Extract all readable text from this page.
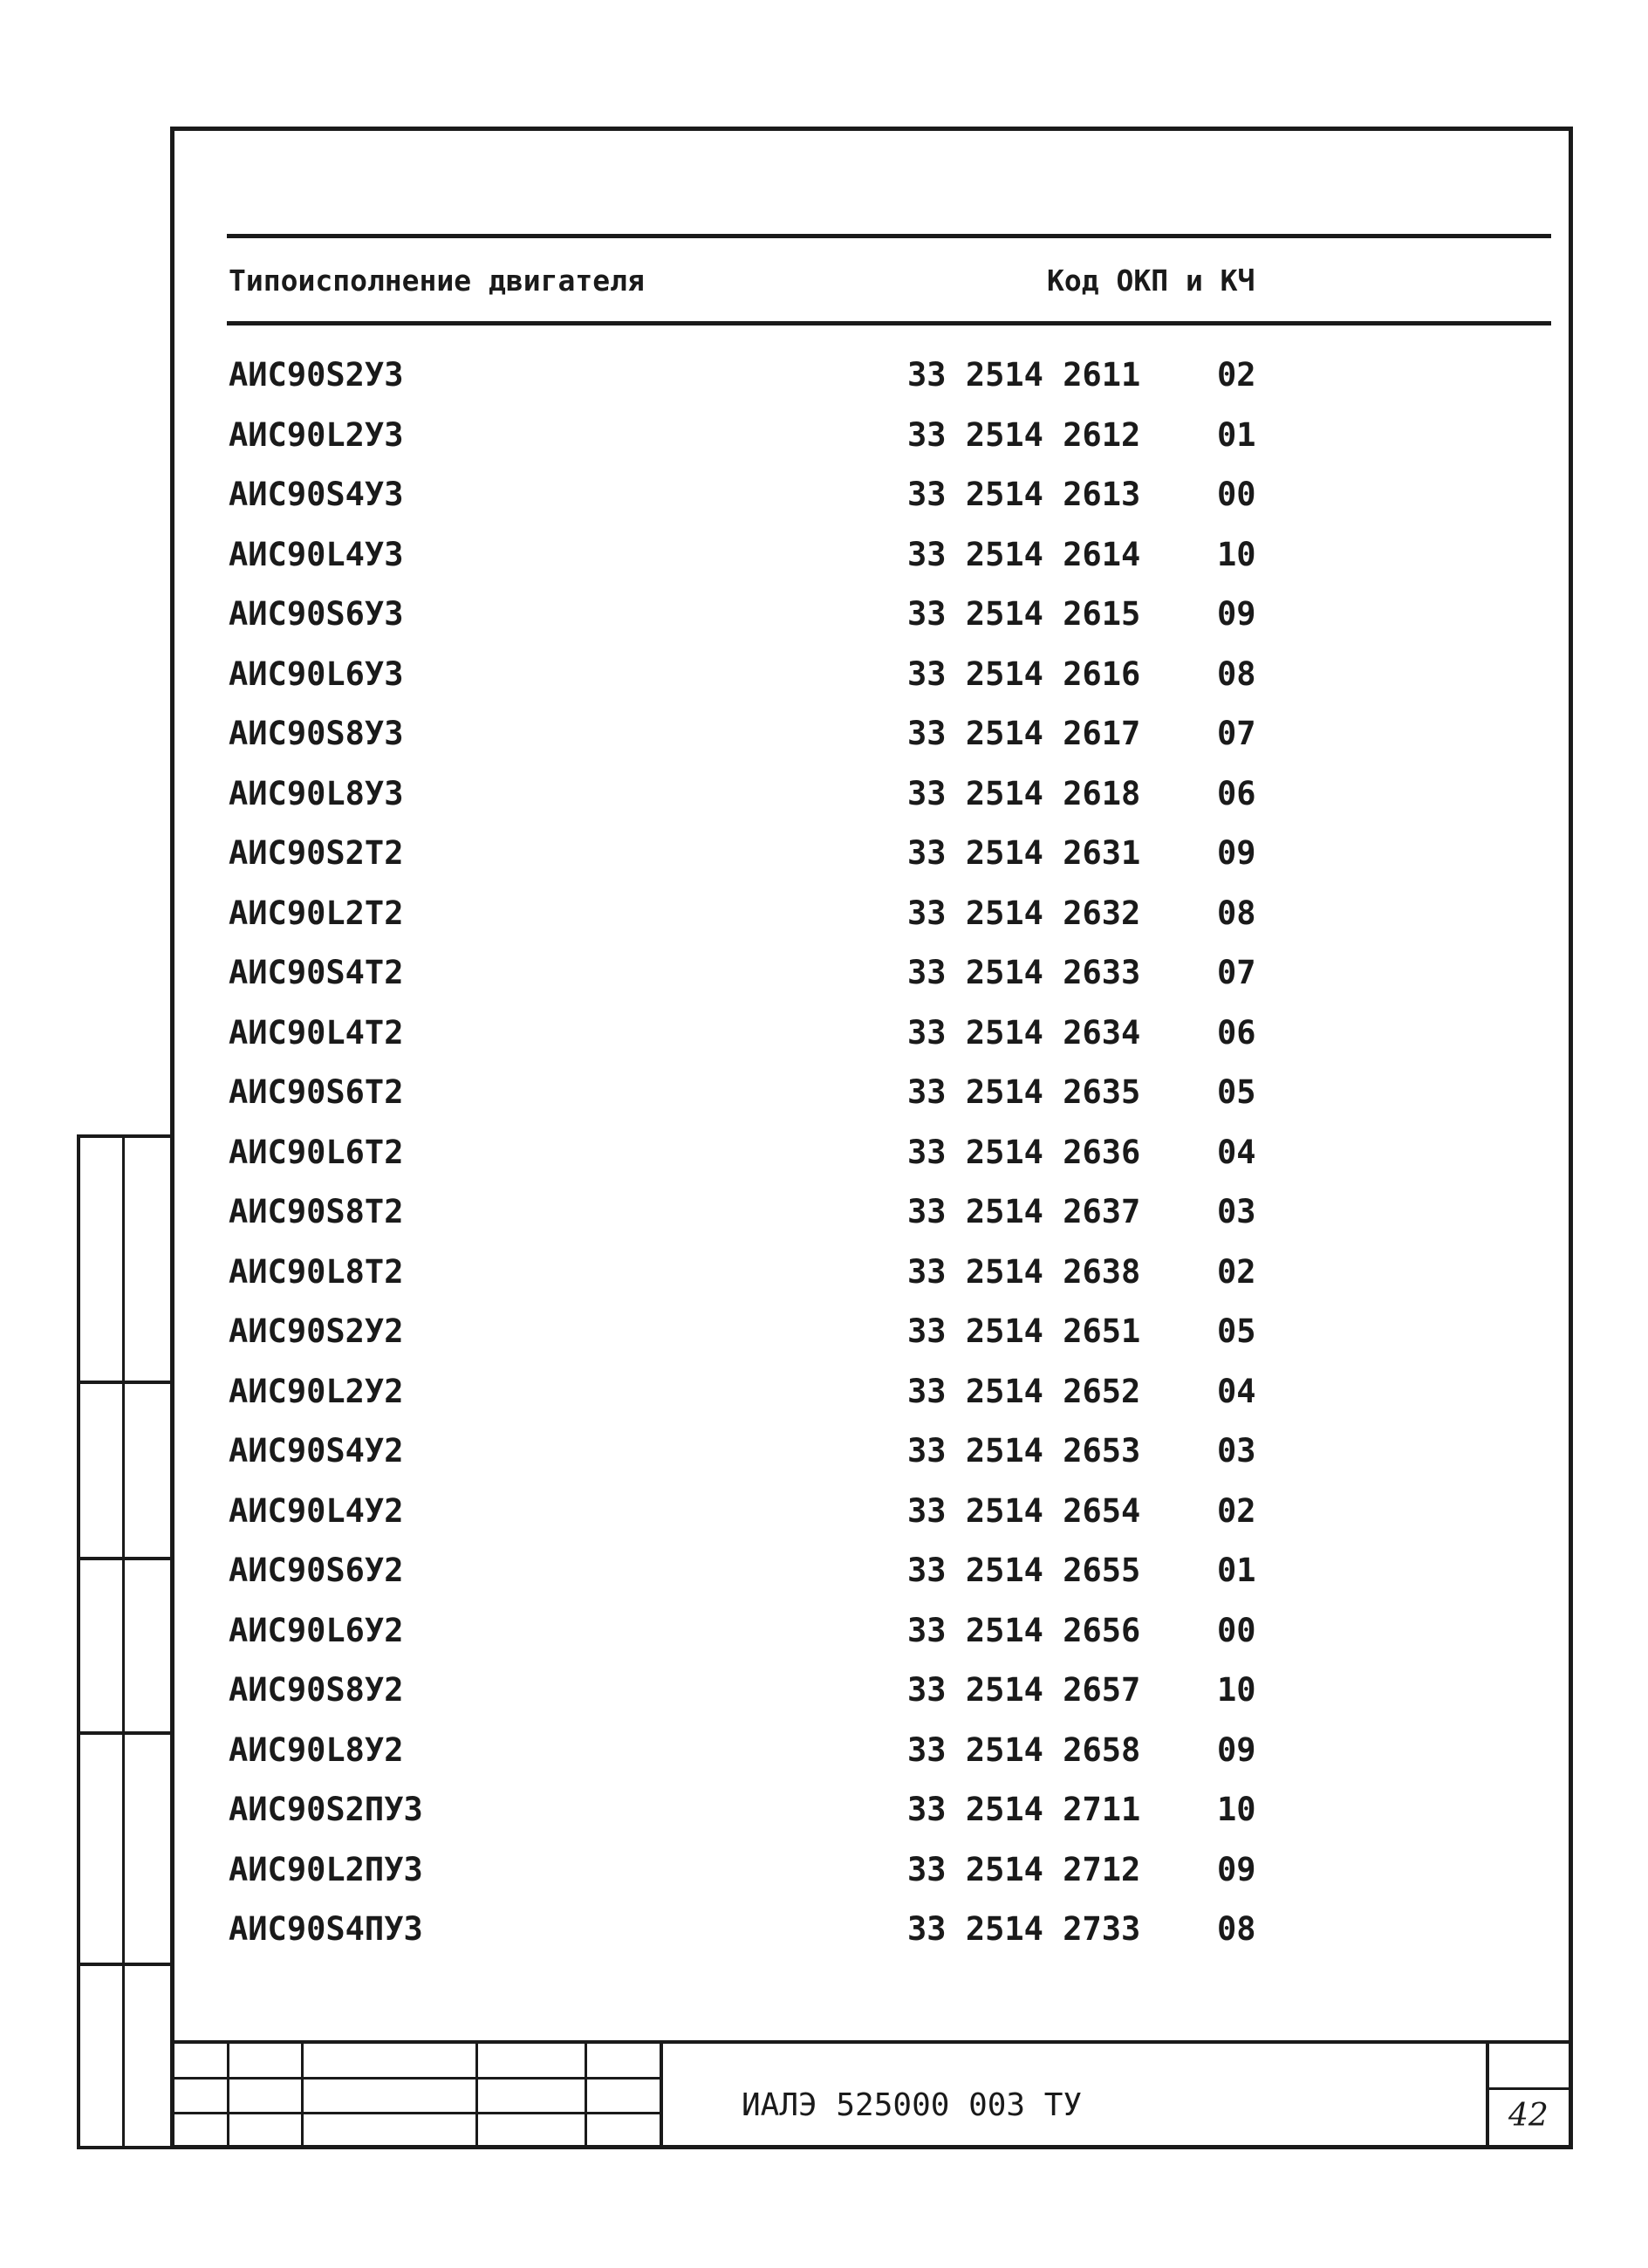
Типоисполнение двигателя	Код ОКП и КЧ
АИС90S2У3	33 2514 2611 02
АИС90L2У3	33 2514 2612 01
АИС90S4У3	33 2514 2613 00
АИС90L4У3	33 2514 2614 10
АИС90S6У3	33 2514 2615 09
АИС90L6У3	33 2514 2616 08
АИС90S8У3	33 2514 2617 07
АИС90L8У3	33 2514 2618 06
АИС90S2Т2	33 2514 2631 09
АИС90L2Т2	33 2514 2632 08
АИС90S4Т2	33 2514 2633 07
АИС90L4Т2	33 2514 2634 06
АИС90S6Т2	33 2514 2635 05
АИС90L6Т2	33 2514 2636 04
АИС90S8Т2	33 2514 2637 03
АИС90L8Т2	33 2514 2638 02
АИС90S2У2	33 2514 2651 05
АИС90L2У2	33 2514 2652 04
АИС90S4У2	33 2514 2653 03
АИС90L4У2	33 2514 2654 02
АИС90S6У2	33 2514 2655 01
АИС90L6У2	33 2514 2656 00
АИС90S8У2	33 2514 2657 10
АИС90L8У2	33 2514 2658 09
АИС90S2ПУ3	33 2514 2711 10
АИС90L2ПУ3	33 2514 2712 09
АИС90S4ПУ3	33 2514 2733 08
ИАЛЭ 525000 003 ТУ	42
